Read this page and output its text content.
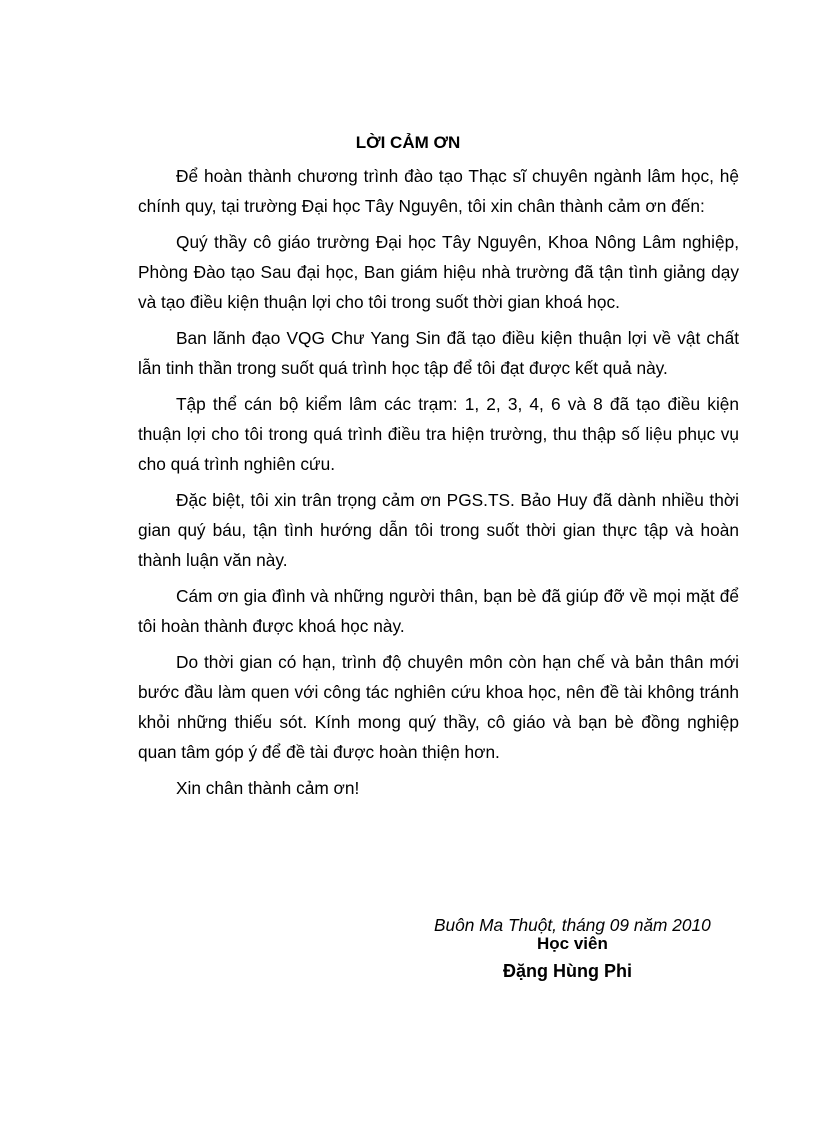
LỜI CẢM ƠN

Để hoàn thành chương trình đào tạo Thạc sĩ chuyên ngành lâm học, hệ chính quy, tại trường Đại học Tây Nguyên, tôi xin chân thành cảm ơn đến:

Quý thầy cô giáo trường Đại học Tây Nguyên, Khoa Nông Lâm nghiệp, Phòng Đào tạo Sau đại học, Ban giám hiệu nhà trường đã tận tình giảng dạy và tạo điều kiện thuận lợi cho tôi trong suốt thời gian khoá học.

Ban lãnh đạo VQG Chư Yang Sin đã tạo điều kiện thuận lợi về vật chất lẫn tinh thần trong suốt quá trình học tập để tôi đạt được kết quả này.

Tập thể cán bộ kiểm lâm các trạm: 1, 2, 3, 4, 6 và 8 đã tạo điều kiện thuận lợi cho tôi trong quá trình điều tra hiện trường, thu thập số liệu phục vụ cho quá trình nghiên cứu.

Đặc biệt, tôi xin trân trọng cảm ơn PGS.TS. Bảo Huy đã dành nhiều thời gian quý báu, tận tình hướng dẫn tôi trong suốt thời gian thực tập và hoàn thành luận văn này.

Cám ơn gia đình và những người thân, bạn bè đã giúp đỡ về mọi mặt để tôi hoàn thành được khoá học này.

Do thời gian có hạn, trình độ chuyên môn còn hạn chế và bản thân mới bước đầu làm quen với công tác nghiên cứu khoa học, nên đề tài không tránh khỏi những thiếu sót. Kính mong quý thầy, cô giáo và bạn bè đồng nghiệp quan tâm góp ý để đề tài được hoàn thiện hơn.

Xin chân thành cảm ơn!

Buôn Ma Thuột, tháng 09 năm 2010
Học viên
Đặng Hùng Phi
